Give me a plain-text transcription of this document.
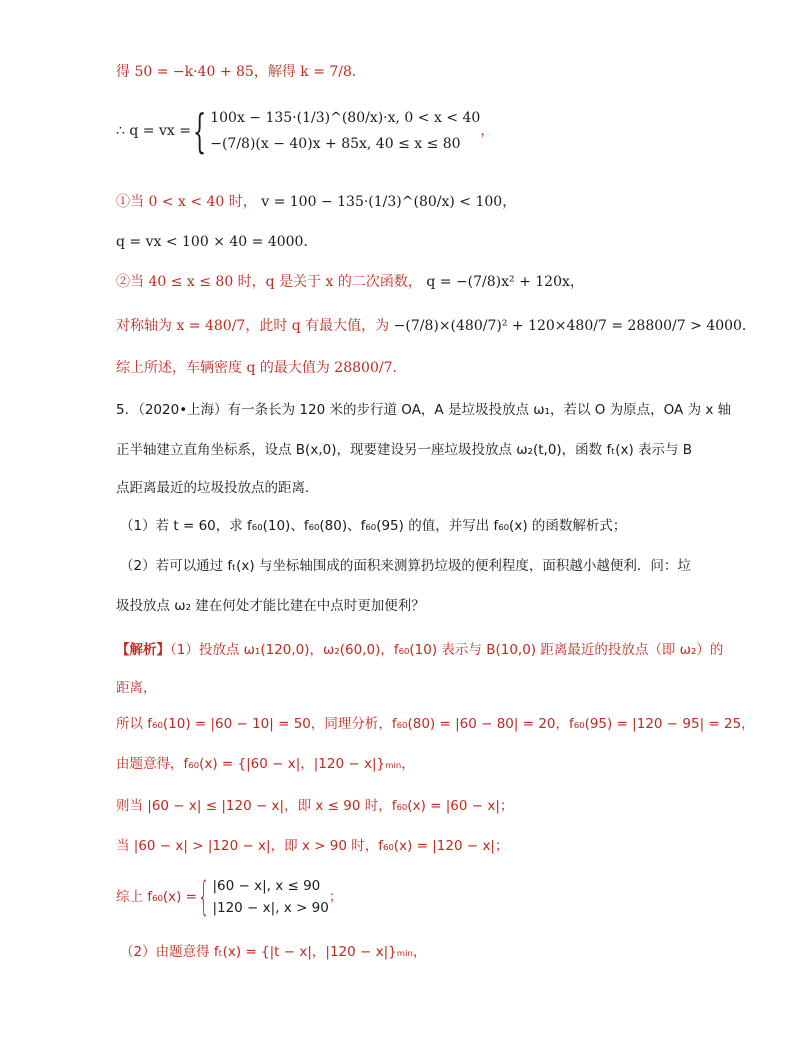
得 50 = −k·40 + 85，解得 k = 7/8．
∴ q = vx = { 100x − 135·(1/3)^(80/x)·x, 0 < x < 40
−(7/8)(x − 40)x + 85x, 40 ≤ x ≤ 80
，
①当 0 < x < 40 时， v = 100 − 135·(1/3)^(80/x) < 100，
q = vx < 100 × 40 = 4000．
②当 40 ≤ x ≤ 80 时，q 是关于 x 的二次函数， q = −(7/8)x² + 120x，
对称轴为 x = 480/7，此时 q 有最大值，为 −(7/8)×(480/7)² + 120×480/7 = 28800/7 > 4000．
综上所述，车辆密度 q 的最大值为 28800/7．
5．（2020•上海）有一条长为 120 米的步行道 OA，A 是垃圾投放点 ω₁，若以 O 为原点，OA 为 x 轴
正半轴建立直角坐标系，设点 B(x,0)，现要建设另一座垃圾投放点 ω₂(t,0)，函数 fₜ(x) 表示与 B
点距离最近的垃圾投放点的距离．
（1）若 t = 60，求 f₆₀(10)、f₆₀(80)、f₆₀(95) 的值，并写出 f₆₀(x) 的函数解析式；
（2）若可以通过 fₜ(x) 与坐标轴围成的面积来测算扔垃圾的便利程度，面积越小越便利．问：垃
圾投放点 ω₂ 建在何处才能比建在中点时更加便利？
【解析】（1）投放点 ω₁(120,0)，ω₂(60,0)，f₆₀(10) 表示与 B(10,0) 距离最近的投放点（即 ω₂）的
距离，
所以 f₆₀(10) = |60 − 10| = 50，同理分析，f₆₀(80) = |60 − 80| = 20，f₆₀(95) = |120 − 95| = 25，
由题意得，f₆₀(x) = {|60 − x|，|120 − x|}ₘᵢₙ，
则当 |60 − x| ≤ |120 − x|，即 x ≤ 90 时，f₆₀(x) = |60 − x|；
当 |60 − x| > |120 − x|，即 x > 90 时，f₆₀(x) = |120 − x|；
综上 f₆₀(x) = { |60 − x|, x ≤ 90
|120 − x|, x > 90
；
（2）由题意得 fₜ(x) = {|t − x|，|120 − x|}ₘᵢₙ，
